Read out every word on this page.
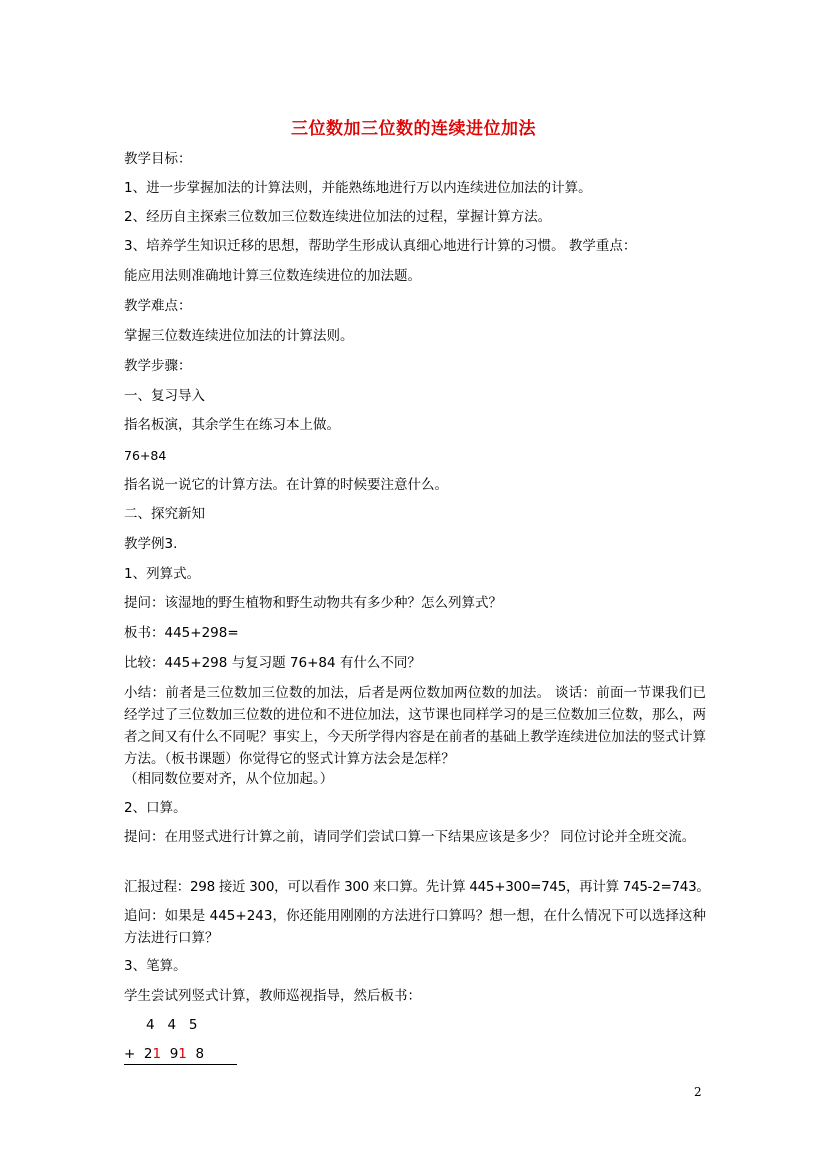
三位数加三位数的连续进位加法
教学目标：
1、进一步掌握加法的计算法则，并能熟练地进行万以内连续进位加法的计算。
2、经历自主探索三位数加三位数连续进位加法的过程，掌握计算方法。
3、培养学生知识迁移的思想，帮助学生形成认真细心地进行计算的习惯。 教学重点：
能应用法则准确地计算三位数连续进位的加法题。
教学难点：
掌握三位数连续进位加法的计算法则。
教学步骤：
一、复习导入
指名板演，其余学生在练习本上做。
76+84
指名说一说它的计算方法。在计算的时候要注意什么。
二、探究新知
教学例3.
1、列算式。
提问：该湿地的野生植物和野生动物共有多少种？怎么列算式？
板书：445+298=
比较：445+298 与复习题 76+84 有什么不同？
小结：前者是三位数加三位数的加法，后者是两位数加两位数的加法。 谈话：前面一节课我们已经学过了三位数加三位数的进位和不进位加法，这节课也同样学习的是三位数加三位数，那么，两者之间又有什么不同呢？事实上，今天所学得内容是在前者的基础上教学连续进位加法的竖式计算方法。（板书课题）你觉得它的竖式计算方法会是怎样？
（相同数位要对齐，从个位加起。）
2、口算。
提问：在用竖式进行计算之前，请同学们尝试口算一下结果应该是多少？ 同位讨论并全班交流。
汇报过程：298 接近 300，可以看作 300 来口算。先计算 445+300=745，再计算 745-2=743。
追问：如果是 445+243，你还能用刚刚的方法进行口算吗？想一想，在什么情况下可以选择这种方法进行口算？
3、笔算。
学生尝试列竖式计算，教师巡视指导，然后板书：
4   4   5
+ 21 91 8
2
